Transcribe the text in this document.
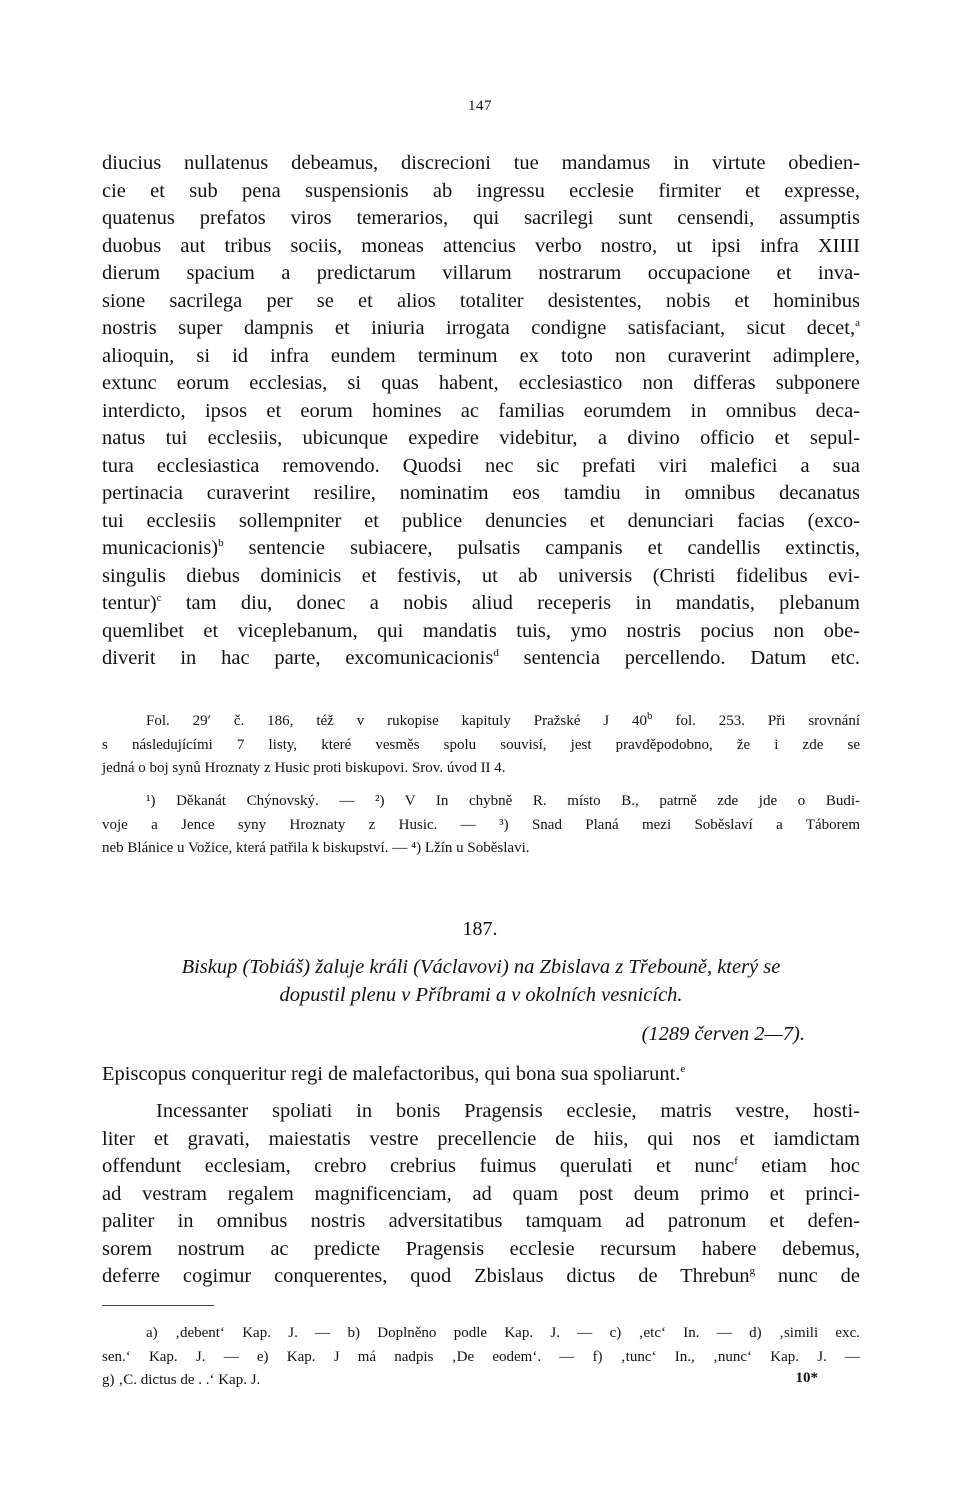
147
diucius nullatenus debeamus, discrecioni tue mandamus in virtute obedien-
cie et sub pena suspensionis ab ingressu ecclesie firmiter et expresse,
quatenus prefatos viros temerarios, qui sacrilegi sunt censendi, assumptis
duobus aut tribus sociis, moneas attencius verbo nostro, ut ipsi infra XIIII
dierum spacium a predictarum villarum nostrarum occupacione et inva-
sione sacrilega per se et alios totaliter desistentes, nobis et hominibus
nostris super dampnis et iniuria irrogata condigne satisfaciant, sicut decet,$^a$
alioquin, si id infra eundem terminum ex toto non curaverint adimplere,
extunc eorum ecclesias, si quas habent, ecclesiastico non differas subponere
interdicto, ipsos et eorum homines ac familias eorumdem in omnibus deca-
natus tui ecclesiis, ubicunque expedire videbitur, a divino officio et sepul-
tura ecclesiastica removendo. Quodsi nec sic prefati viri malefici a sua
pertinacia curaverint resilire, nominatim eos tamdiu in omnibus decanatus
tui ecclesiis sollempniter et publice denuncies et denunciari facias (exco-
municacionis)$^b$ sentencie subiacere, pulsatis campanis et candellis extinctis,
singulis diebus dominicis et festivis, ut ab universis (Christi fidelibus evi-
tentur)$^c$ tam diu, donec a nobis aliud receperis in mandatis, plebanum
quemlibet et viceplebanum, qui mandatis tuis, ymo nostris pocius non obe-
diverit in hac parte, excomunicacionis$^d$ sentencia percellendo. Datum etc.
Fol. 29′ č. 186, též v rukopise kapituly Pražské J 40$^b$ fol. 253. Při srovnání
s následujícími 7 listy, které vesměs spolu souvisí, jest pravděpodobno, že i zde se
jedná o boj synů Hroznaty z Husic proti biskupovi. Srov. úvod II 4.
¹) Děkanát Chýnovský. — ²) V In chybně R. místo B., patrně zde jde o Budi-
voje a Jence syny Hroznaty z Husic. — ³) Snad Planá mezi Soběslaví a Táborem
neb Blánice u Vožice, která patřila k biskupství. — ⁴) Lžín u Soběslavi.
187.
Biskup (Tobiáš) žaluje králi (Václavovi) na Zbislava z Třebouně, který se
dopustil plenu v Příbrami a v okolních vesnicích.
(1289 červen 2—7).
Episcopus conqueritur regi de malefactoribus, qui bona sua spoliarunt.$^e$
Incessanter spoliati in bonis Pragensis ecclesie, matris vestre, hosti-
liter et gravati, maiestatis vestre precellencie de hiis, qui nos et iamdictam
offendunt ecclesiam, crebro crebrius fuimus querulati et nunc$^f$ etiam hoc
ad vestram regalem magnificenciam, ad quam post deum primo et princi-
paliter in omnibus nostris adversitatibus tamquam ad patronum et defen-
sorem nostrum ac predicte Pragensis ecclesie recursum habere debemus,
deferre cogimur conquerentes, quod Zbislaus dictus de Threbun$^g$ nunc de
a) ‚debent‘ Kap. J. — b) Doplněno podle Kap. J. — c) ‚etc‘ In. — d) ‚simili exc.
sen.‘ Kap. J. — e) Kap. J má nadpis ‚De eodem‘. — f) ‚tunc‘ In., ‚nunc‘ Kap. J. —
g) ‚C. dictus de . .‘ Kap. J.	10*
